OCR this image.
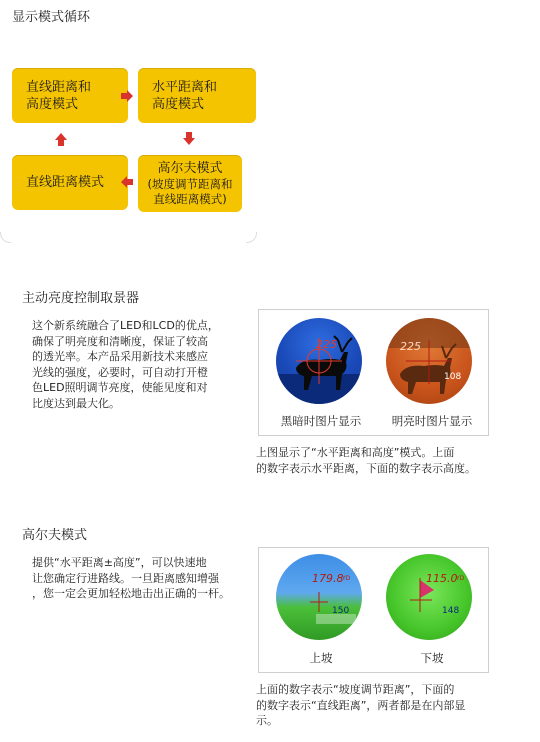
显示模式循环
直线距离和
高度模式
水平距离和
高度模式
直线距离模式
高尔夫模式
(坡度调节距离和
直线距离模式)
主动亮度控制取景器
这个新系统融合了LED和LCD的优点，
确保了明亮度和清晰度，保证了较高
的透光率。本产品采用新技术来感应
光线的强度，必要时，可自动打开橙
色LED照明调节亮度，使能见度和对
比度达到最大化。
225	225
108
黑暗时图片显示	明亮时图片显示
上图显示了“水平距离和高度”模式。上面
的数字表示水平距离，下面的数字表示高度。
高尔夫模式
提供“水平距离±高度”，可以快速地
让您确定行进路线。一旦距离感知增强
，您一定会更加轻松地击出正确的一杆。
179.8
YD
150
115.0
YD
148
上坡	下坡
上面的数字表示“坡度调节距离”，下面的
的数字表示“直线距离”，两者都是在内部显
示。
